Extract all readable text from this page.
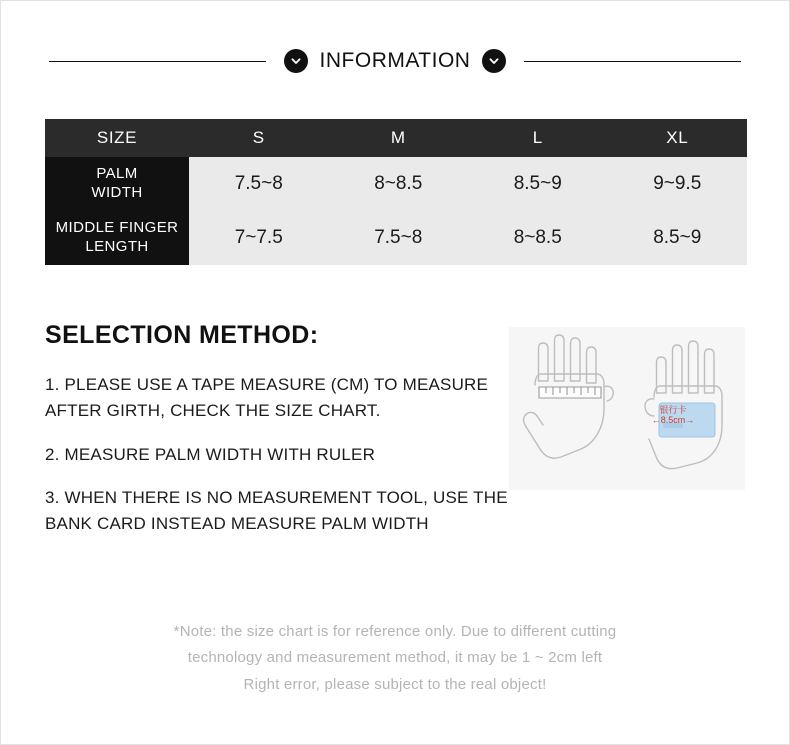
INFORMATION
SIZE	S	M	L	XL
PALM
WIDTH	7.5~8	8~8.5	8.5~9	9~9.5
MIDDLE FINGER
LENGTH	7~7.5	7.5~8	8~8.5	8.5~9
SELECTION METHOD:

1. PLEASE USE A TAPE MEASURE (CM) TO MEASURE AFTER GIRTH, CHECK THE SIZE CHART.

2. MEASURE PALM WIDTH WITH RULER

3. WHEN THERE IS NO MEASUREMENT TOOL, USE THE BANK CARD INSTEAD MEASURE PALM WIDTH

银行卡
←8.5cm→
*Note: the size chart is for reference only. Due to different cutting
technology and measurement method, it may be 1 ~ 2cm left
Right error, please subject to the real object!
